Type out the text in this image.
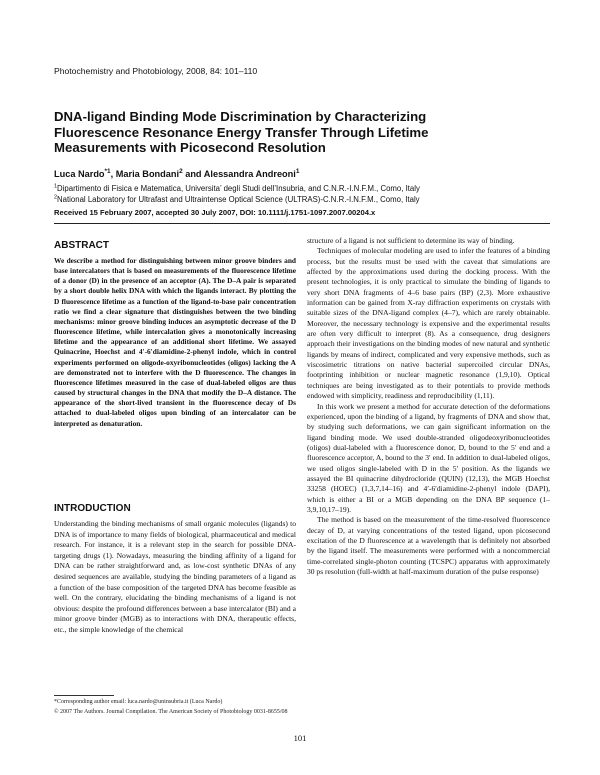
Photochemistry and Photobiology, 2008, 84: 101–110
DNA-ligand Binding Mode Discrimination by Characterizing
Fluorescence Resonance Energy Transfer Through Lifetime
Measurements with Picosecond Resolution
Luca Nardo$^{*1}$, Maria Bondani$^2$ and Alessandra Andreoni$^1$
$^1$Dipartimento di Fisica e Matematica, Universita’ degli Studi dell’Insubria, and C.N.R.-I.N.F.M., Como, Italy
$^2$National Laboratory for Ultrafast and Ultraintense Optical Science (ULTRAS)-C.N.R.-I.N.F.M., Como, Italy
Received 15 February 2007, accepted 30 July 2007, DOI: 10.1111/j.1751-1097.2007.00204.x
ABSTRACT
We describe a method for distinguishing between minor groove binders and base intercalators that is based on measurements of the fluorescence lifetime of a donor (D) in the presence of an acceptor (A). The D–A pair is separated by a short double helix DNA with which the ligands interact. By plotting the D fluorescence lifetime as a function of the ligand-to-base pair concentration ratio we find a clear signature that distinguishes between the two binding mechanisms: minor groove binding induces an asymptotic decrease of the D fluorescence lifetime, while intercalation gives a monotonically increasing lifetime and the appearance of an additional short lifetime. We assayed Quinacrine, Hoechst and 4′-6′diamidine-2-phenyl indole, which in control experiments performed on oligode-oxyribonucleotides (oligos) lacking the A are demonstrated not to interfere with the D fluorescence. The changes in fluorescence lifetimes measured in the case of dual-labeled oligos are thus caused by structural changes in the DNA that modify the D–A distance. The appearance of the short-lived transient in the fluorescence decay of Ds attached to dual-labeled oligos upon binding of an intercalator can be interpreted as denaturation.
INTRODUCTION

Understanding the binding mechanisms of small organic molecules (ligands) to DNA is of importance to many fields of biological, pharmaceutical and medical research. For instance, it is a relevant step in the search for possible DNA-targeting drugs (1). Nowadays, measuring the binding affinity of a ligand for DNA can be rather straightforward and, as low-cost synthetic DNAs of any desired sequences are available, studying the binding parameters of a ligand as a function of the base composition of the targeted DNA has become feasible as well. On the contrary, elucidating the binding mechanisms of a ligand is not obvious: despite the profound differences between a base intercalator (BI) and a minor groove binder (MGB) as to interactions with DNA, therapeutic effects, etc., the simple knowledge of the chemical

structure of a ligand is not sufficient to determine its way of binding.

Techniques of molecular modeling are used to infer the features of a binding process, but the results must be used with the caveat that simulations are affected by the approximations used during the docking process. With the present technologies, it is only practical to simulate the binding of ligands to very short DNA fragments of 4–6 base pairs (BP) (2,3). More exhaustive information can be gained from X-ray diffraction experiments on crystals with suitable sizes of the DNA-ligand complex (4–7), which are rarely obtainable. Moreover, the necessary technology is expensive and the experimental results are often very difficult to interpret (8). As a consequence, drug designers approach their investigations on the binding modes of new natural and synthetic ligands by means of indirect, complicated and very expensive methods, such as viscosimetric titrations on native bacterial supercoiled circular DNAs, footprinting inhibition or nuclear magnetic resonance (1,9,10). Optical techniques are being investigated as to their potentials to provide methods endowed with simplicity, readiness and reproducibility (1,11).

In this work we present a method for accurate detection of the deformations experienced, upon the binding of a ligand, by fragments of DNA and show that, by studying such deformations, we can gain significant information on the ligand binding mode. We used double-stranded oligodeoxyribonucleotides (oligos) dual-labeled with a fluorescence donor, D, bound to the 5′ end and a fluorescence acceptor, A, bound to the 3′ end. In addition to dual-labeled oligos, we used oligos single-labeled with D in the 5′ position. As the ligands we assayed the BI quinacrine dihydrocloride (QUIN) (12,13), the MGB Hoechst 33258 (HOEC) (1,3,7,14–16) and 4′-6′diamidine-2-phenyl indole (DAPI), which is either a BI or a MGB depending on the DNA BP sequence (1–3,9,10,17–19).

The method is based on the measurement of the time-resolved fluorescence decay of D, at varying concentrations of the tested ligand, upon picosecond excitation of the D fluorescence at a wavelength that is definitely not absorbed by the ligand itself. The measurements were performed with a noncommercial time-correlated single-photon counting (TCSPC) apparatus with approximately 30 ps resolution (full-width at half-maximum duration of the pulse response)

*Corresponding author email: luca.nardo@uninsubria.it (Luca Nardo)
© 2007 The Authors. Journal Compilation. The American Society of Photobiology 0031-8655/08
101
